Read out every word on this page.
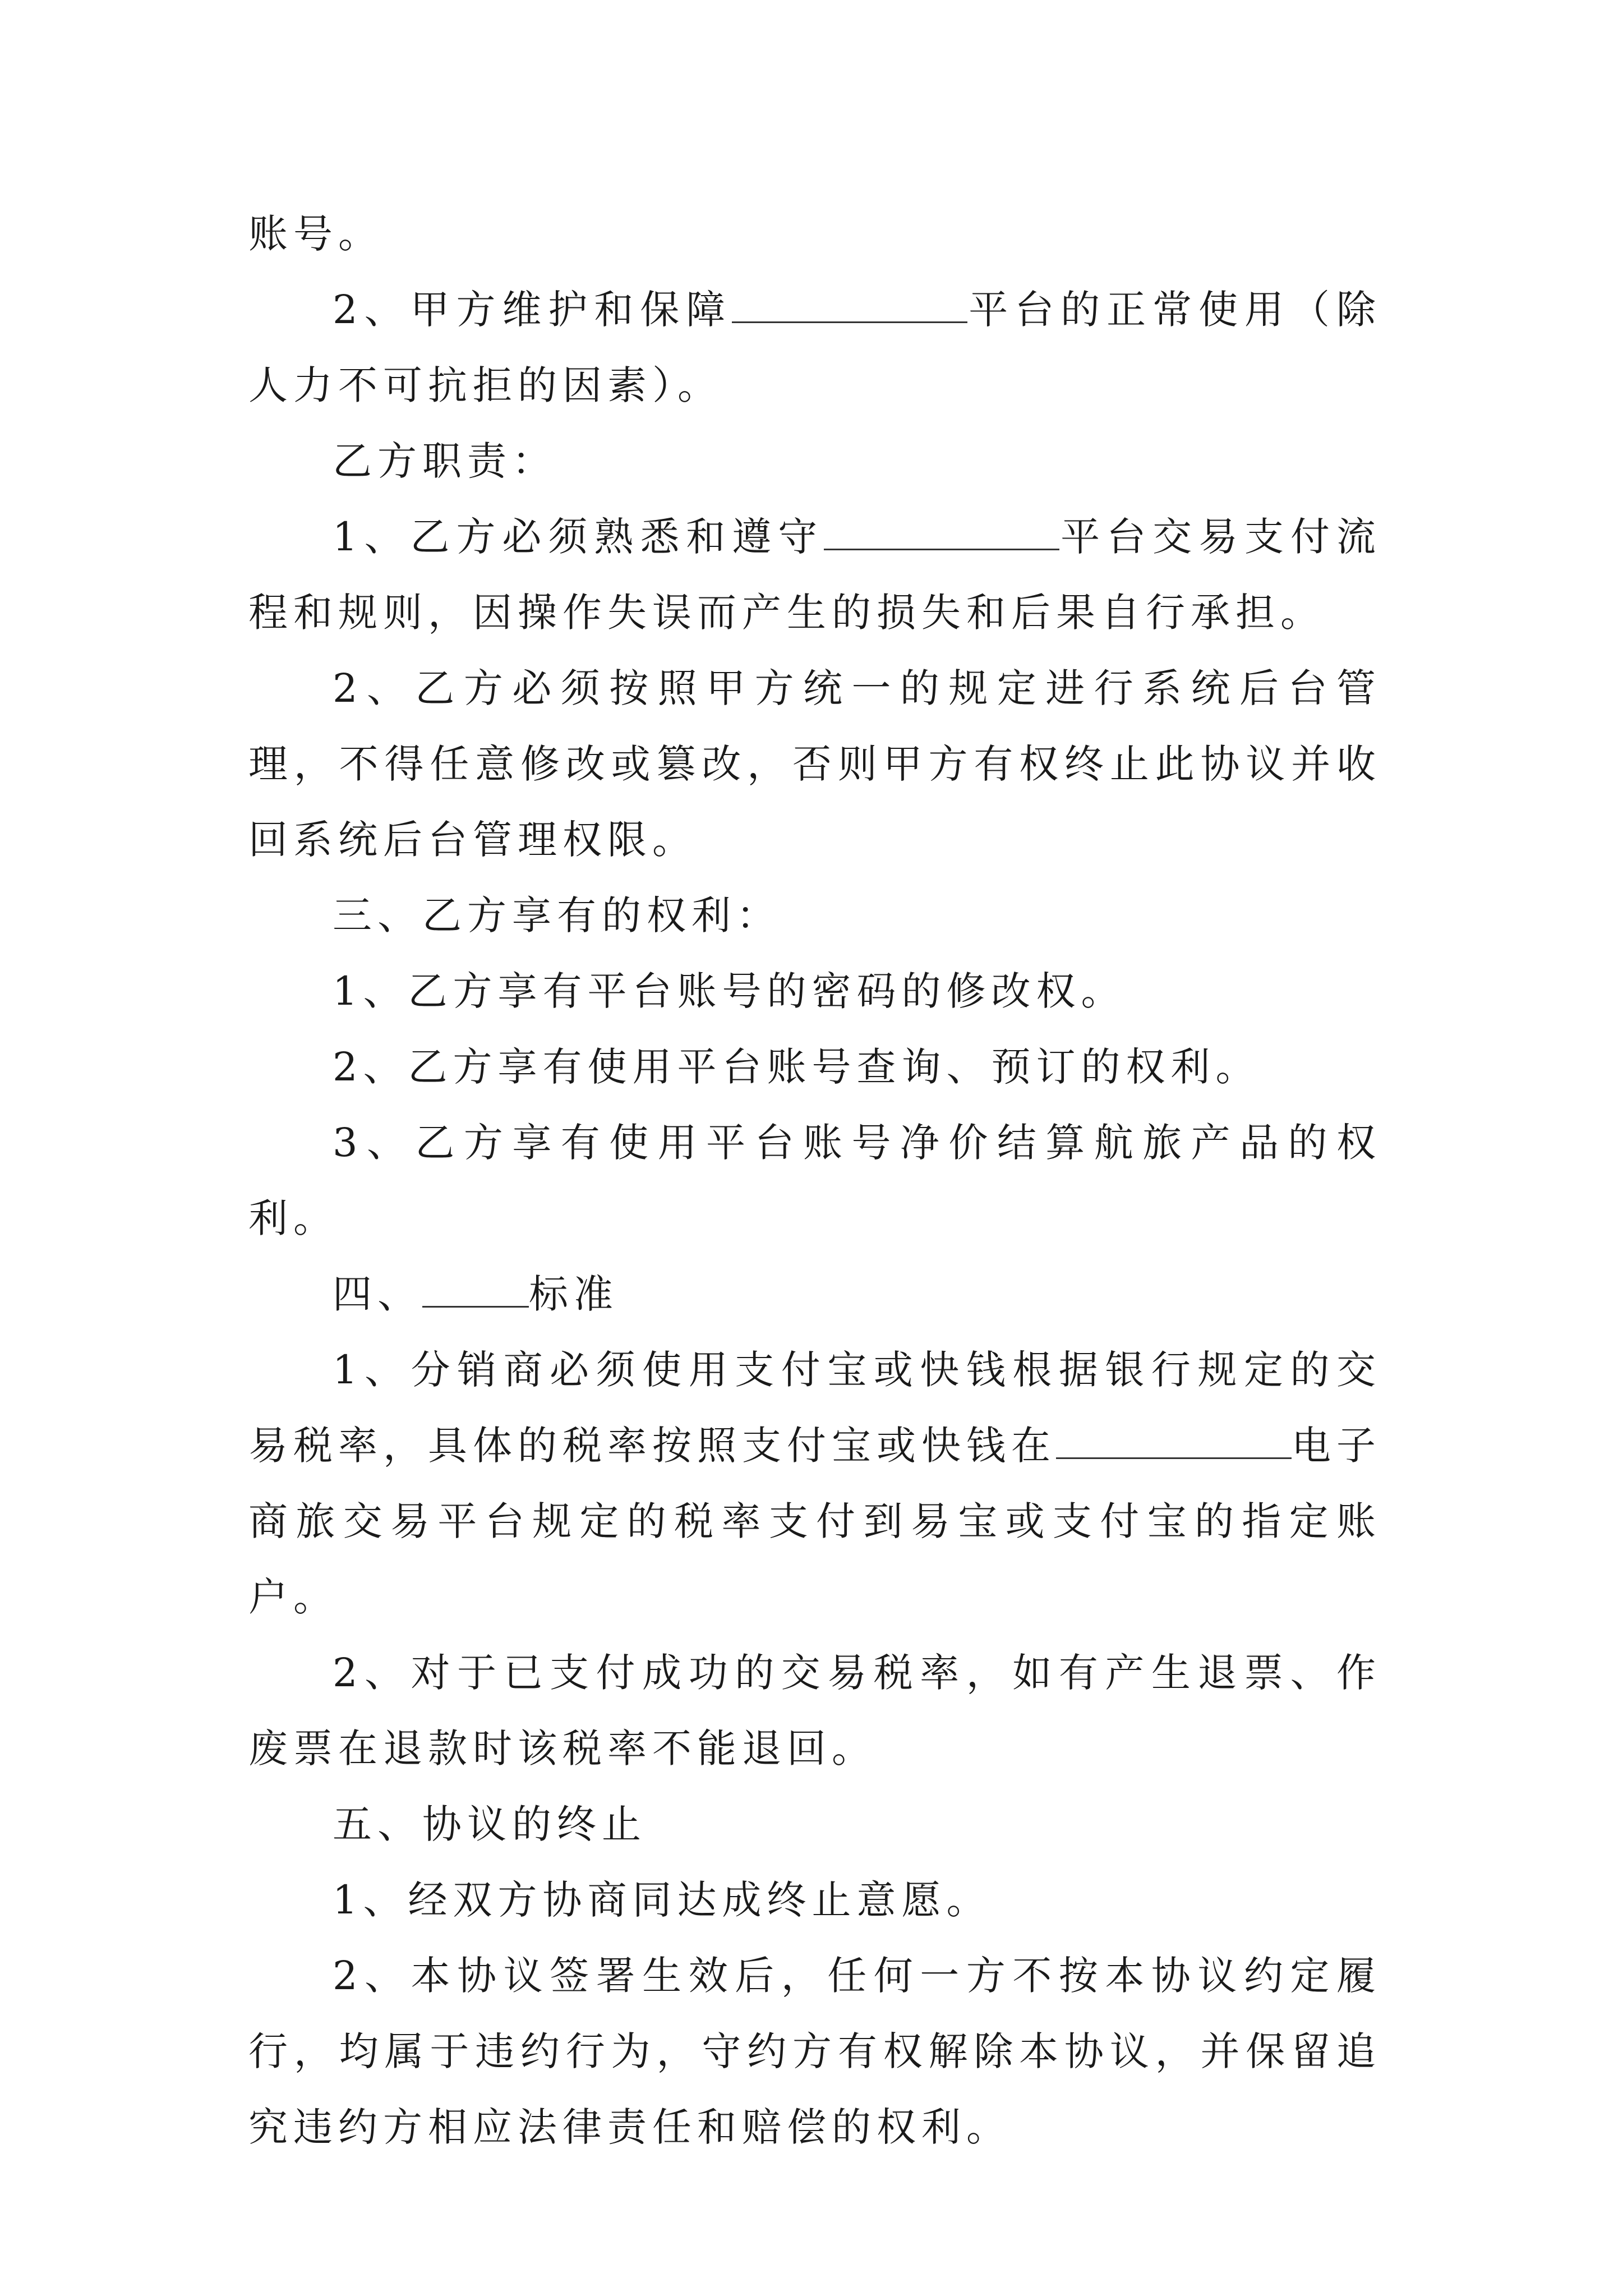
账号。

2、甲方维护和保障	平台的正常使用（除人力不可抗拒的因素）。

乙方职责：

1、乙方必须熟悉和遵守	平台交易支付流程和规则，因操作失误而产生的损失和后果自行承担。

2、乙方必须按照甲方统一的规定进行系统后台管理，不得任意修改或篡改，否则甲方有权终止此协议并收回系统后台管理权限。

三、乙方享有的权利：

1、乙方享有平台账号的密码的修改权。

2、乙方享有使用平台账号查询、预订的权利。

3、乙方享有使用平台账号净价结算航旅产品的权利。

四、	标准

1、分销商必须使用支付宝或快钱根据银行规定的交易税率，具体的税率按照支付宝或快钱在	电子商旅交易平台规定的税率支付到易宝或支付宝的指定账户。

2、对于已支付成功的交易税率，如有产生退票、作废票在退款时该税率不能退回。

五、协议的终止

1、经双方协商同达成终止意愿。

2、本协议签署生效后，任何一方不按本协议约定履行，均属于违约行为，守约方有权解除本协议，并保留追究违约方相应法律责任和赔偿的权利。
